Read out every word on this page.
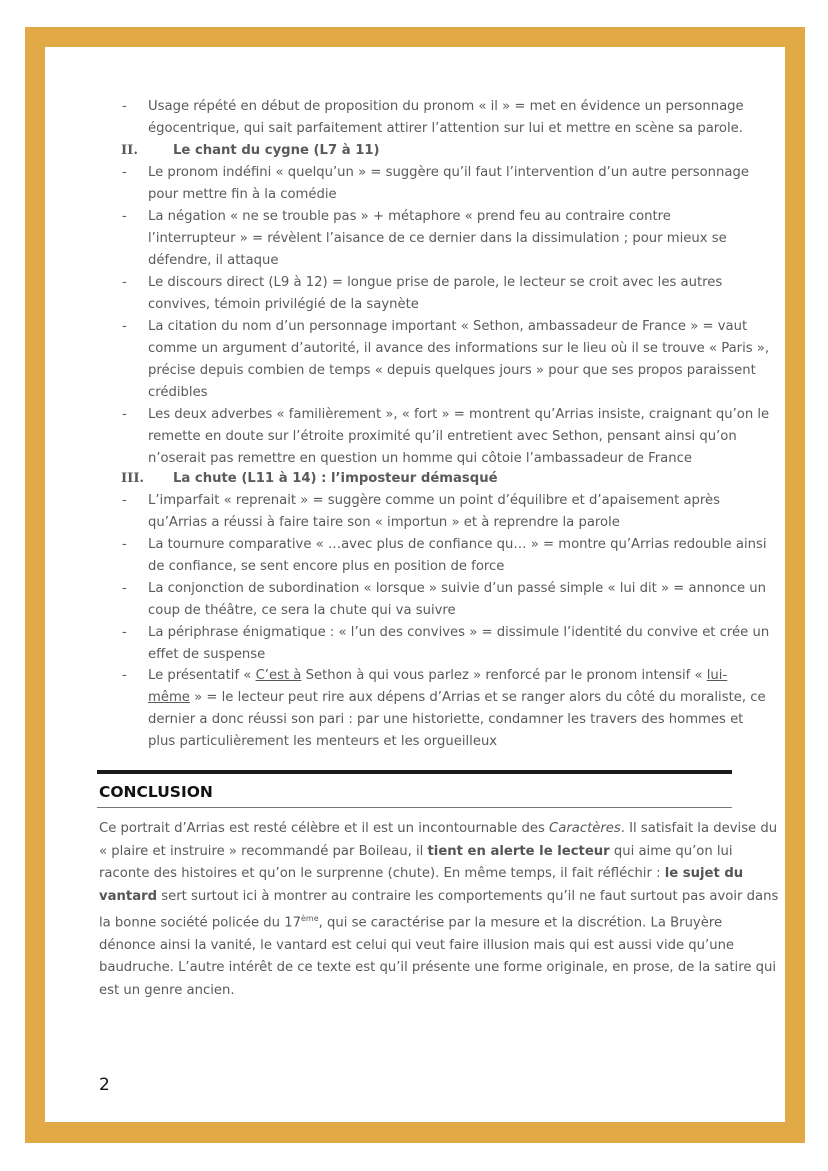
II.	Le chant du cygne (L7 à 11)
III. La chute (L11 à 14) : l’imposteur démasqué
- Le présentatif « C’est à Sethon à qui vous parlez » renforcé par le pronom intensif « lui-

même » = le lecteur peut rire aux dépens d’Arrias et se ranger alors du côté du moraliste, ce

dernier a donc réussi son pari : par une historiette, condamner les travers des hommes et

plus particulièrement les menteurs et les orgueilleux

CONCLUSION

Ce portrait d’Arrias est resté célèbre et il est un incontournable des Caractères. Il satisfait la devise du

« plaire et instruire » recommandé par Boileau, il tient en alerte le lecteur qui aime qu’on lui

raconte des histoires et qu’on le surprenne (chute). En même temps, il fait réfléchir : le sujet du

vantard sert surtout ici à montrer au contraire les comportements qu’il ne faut surtout pas avoir dans

la bonne société policée du 17ème, qui se caractérise par la mesure et la discrétion. La Bruyère

dénonce ainsi la vanité, le vantard est celui qui veut faire illusion mais qui est aussi vide qu’une

baudruche. L’autre intérêt de ce texte est qu’il présente une forme originale, en prose, de la satire qui

est un genre ancien.

2
- Usage répété en début de proposition du pronom « il » = met en évidence un personnage

égocentrique, qui sait parfaitement attirer l’attention sur lui et mettre en scène sa parole.

- Le pronom indéfini « quelqu’un » = suggère qu’il faut l’intervention d’un autre personnage

pour mettre fin à la comédie

- La négation « ne se trouble pas » + métaphore « prend feu au contraire contre

l’interrupteur » = révèlent l’aisance de ce dernier dans la dissimulation ; pour mieux se

défendre, il attaque

- Le discours direct (L9 à 12) = longue prise de parole, le lecteur se croit avec les autres

convives, témoin privilégié de la saynète

- La citation du nom d’un personnage important « Sethon, ambassadeur de France » = vaut

comme un argument d’autorité, il avance des informations sur le lieu où il se trouve « Paris »,

précise depuis combien de temps « depuis quelques jours » pour que ses propos paraissent

crédibles

- Les deux adverbes « familièrement », « fort » = montrent qu’Arrias insiste, craignant qu’on le

remette en doute sur l’étroite proximité qu’il entretient avec Sethon, pensant ainsi qu’on

n’oserait pas remettre en question un homme qui côtoie l’ambassadeur de France

- L’imparfait « reprenait » = suggère comme un point d’équilibre et d’apaisement après

qu’Arrias a réussi à faire taire son « importun » et à reprendre la parole

- La tournure comparative « …avec plus de confiance qu… » = montre qu’Arrias redouble ainsi

de confiance, se sent encore plus en position de force

- La conjonction de subordination « lorsque » suivie d’un passé simple « lui dit » = annonce un

coup de théâtre, ce sera la chute qui va suivre

- La périphrase énigmatique : « l’un des convives » = dissimule l’identité du convive et crée un

effet de suspense
